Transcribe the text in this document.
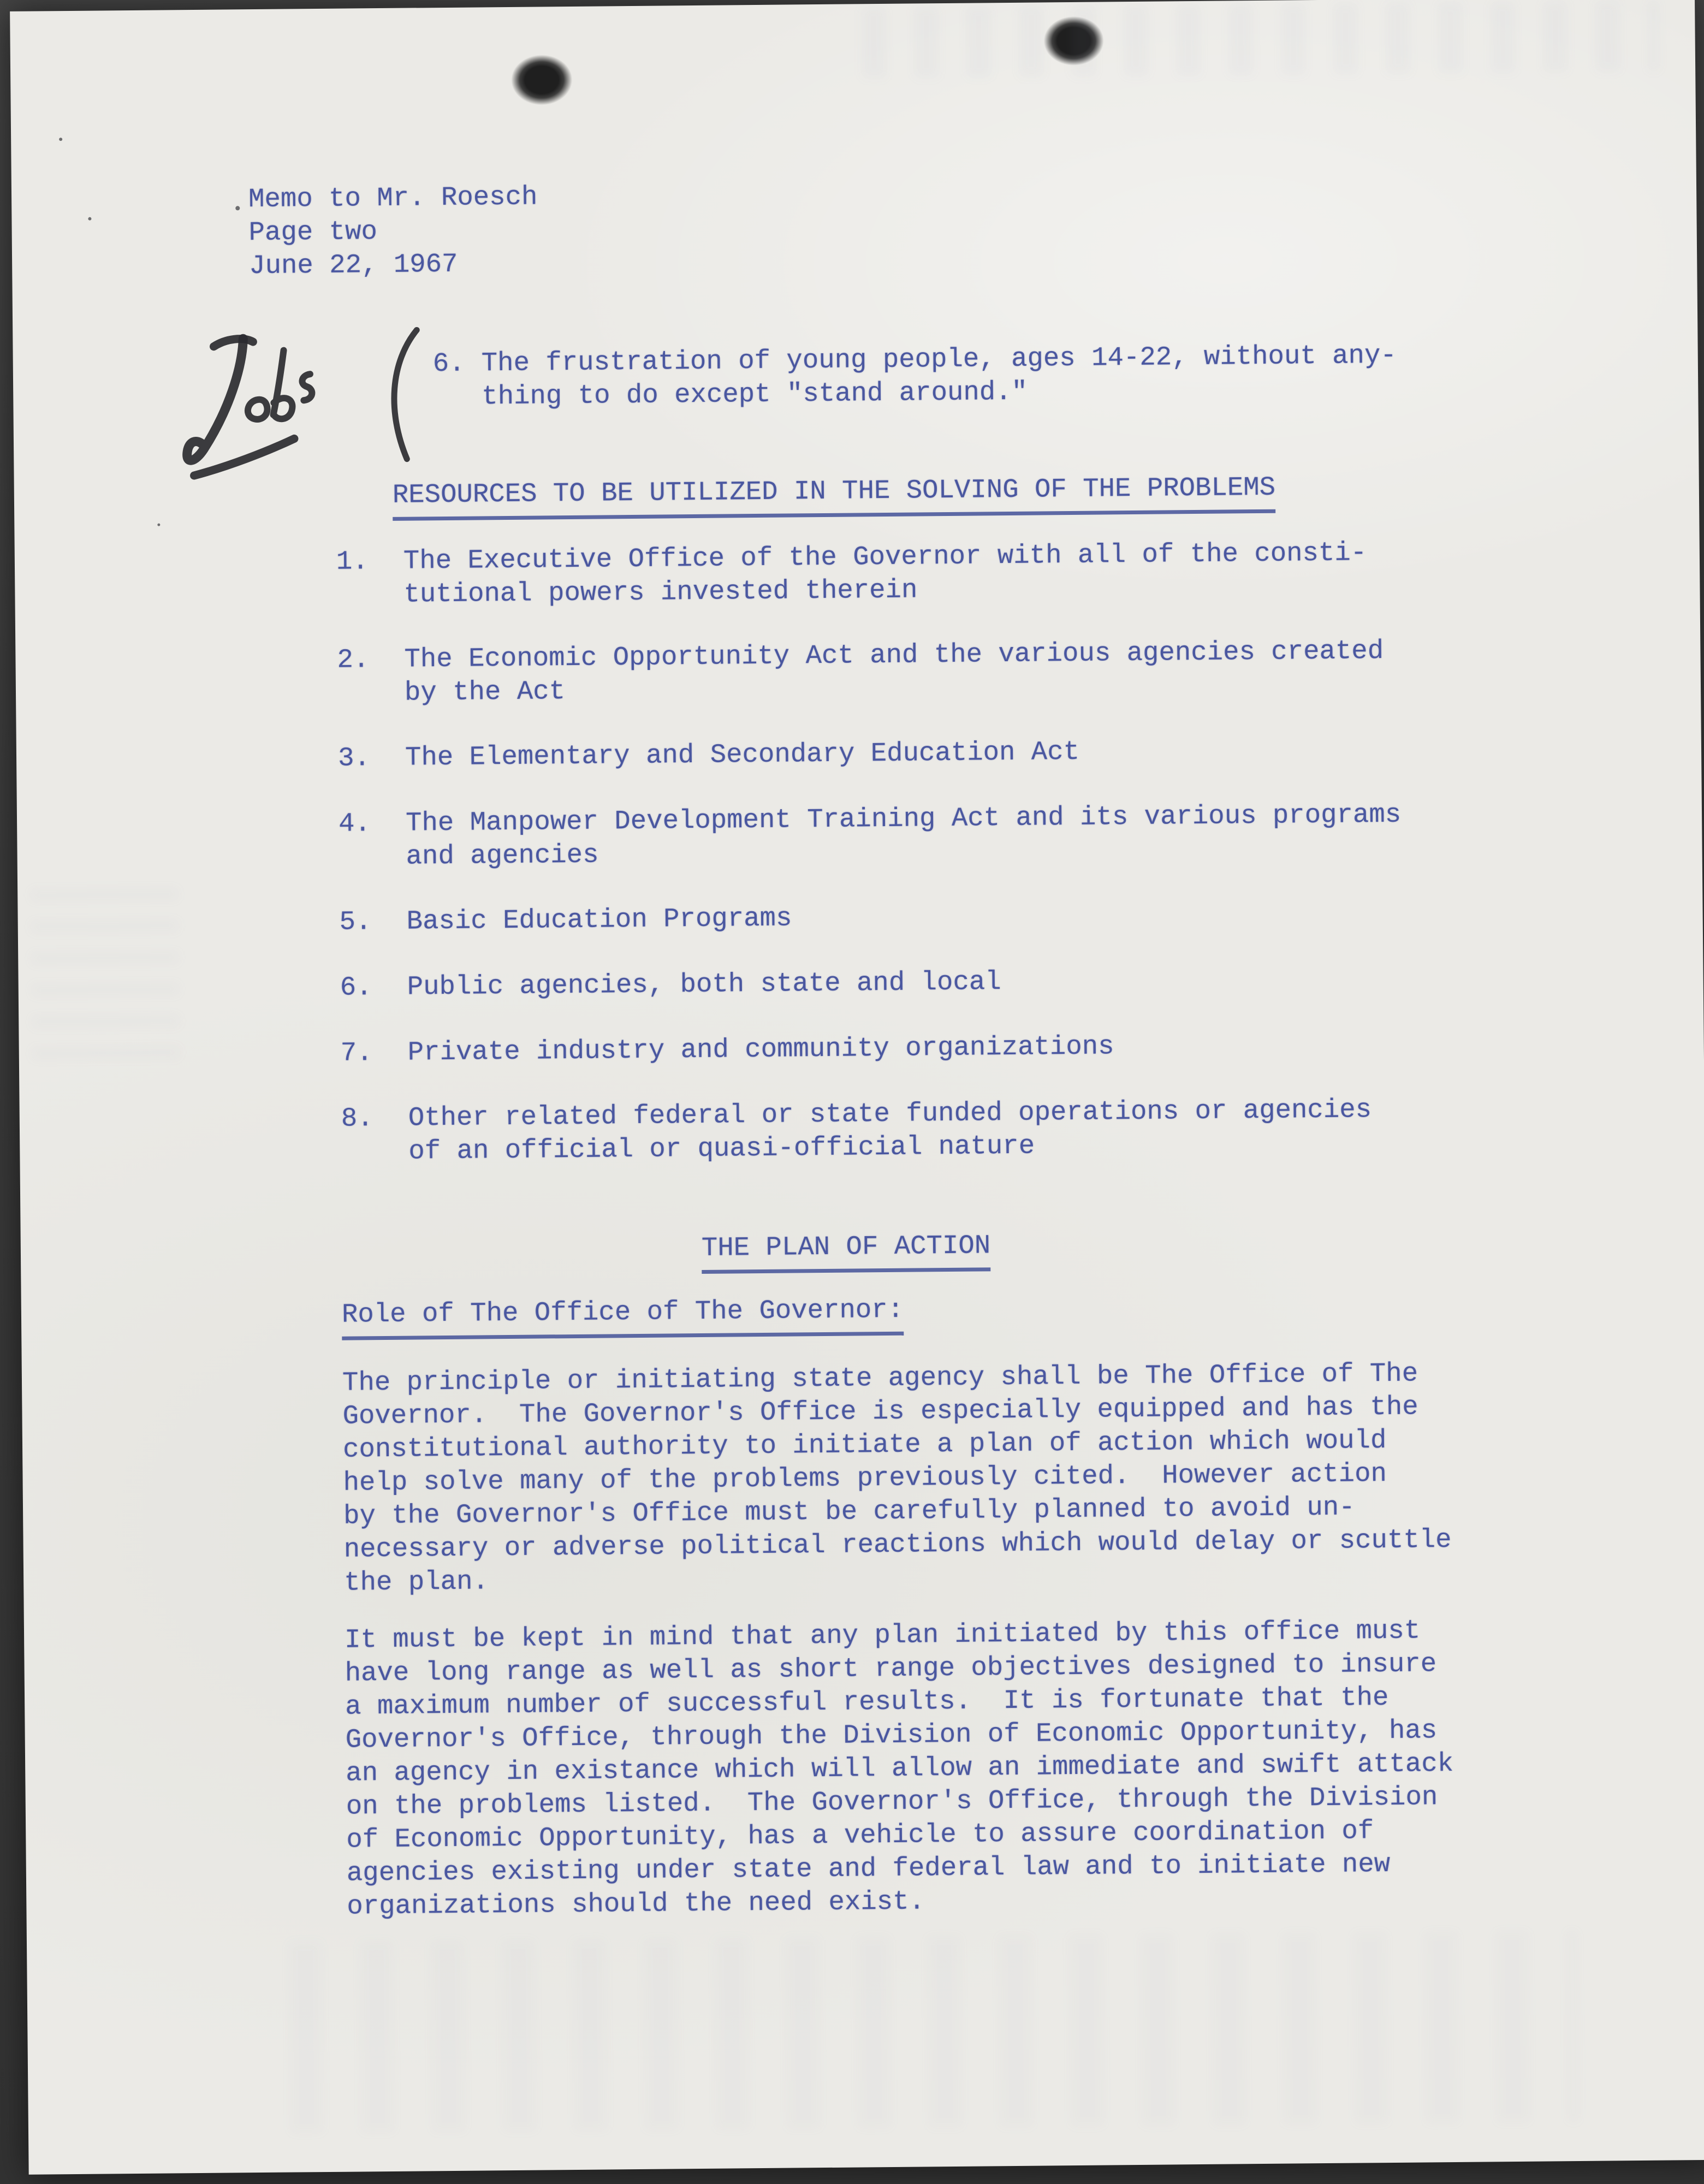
Memo to Mr. Roesch
Page two
June 22, 1967
6. The frustration of young people, ages 14-22, without any-
thing to do except "stand around."
RESOURCES TO BE UTILIZED IN THE SOLVING OF THE PROBLEMS
1. The Executive Office of the Governor with all of the consti-
tutional powers invested therein
2. The Economic Opportunity Act and the various agencies created
by the Act
3. The Elementary and Secondary Education Act
4. The Manpower Development Training Act and its various programs
and agencies
5. Basic Education Programs
6. Public agencies, both state and local
7. Private industry and community organizations
8. Other related federal or state funded operations or agencies
of an official or quasi-official nature
THE PLAN OF ACTION
Role of The Office of The Governor:
The principle or initiating state agency shall be The Office of The
Governor.  The Governor's Office is especially equipped and has the
constitutional authority to initiate a plan of action which would
help solve many of the problems previously cited.  However action
by the Governor's Office must be carefully planned to avoid un-
necessary or adverse political reactions which would delay or scuttle
the plan.
It must be kept in mind that any plan initiated by this office must
have long range as well as short range objectives designed to insure
a maximum number of successful results.  It is fortunate that the
Governor's Office, through the Division of Economic Opportunity, has
an agency in existance which will allow an immediate and swift attack
on the problems listed.  The Governor's Office, through the Division
of Economic Opportunity, has a vehicle to assure coordination of
agencies existing under state and federal law and to initiate new
organizations should the need exist.
